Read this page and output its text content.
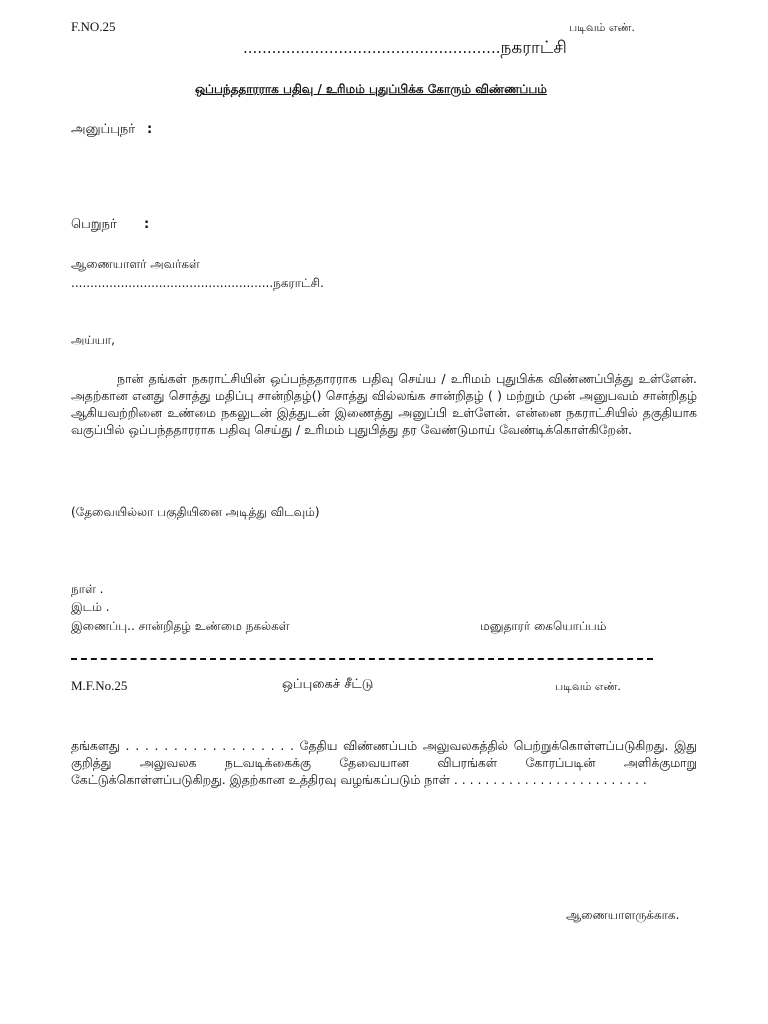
F.NO.25	படிவம் எண்.
......................................................நகராட்சி
ஒப்பந்ததாரராக பதிவு / உரிமம் புதுப்பிக்க கோரும் விண்ணப்பம்
அனுப்புநர் :
பெறுநர் :
ஆணையாளர் அவர்கள்
.....................................................நகராட்சி.
அய்யா,
நான் தங்கள் நகராட்சியின் ஒப்பந்ததாரராக பதிவு செய்ய / உரிமம் புதுபிக்க விண்ணப்பித்து உள்ளேன். அதற்கான எனது சொத்து மதிப்பு சான்றிதழ்() சொத்து வில்லங்க சான்றிதழ் ( ) மற்றும் முன் அனுபவம் சான்றிதழ் ஆகியவற்றினை உண்மை நகலுடன் இத்துடன் இணைத்து அனுப்பி உள்ளேன். என்னை நகராட்சியில் தகுதியாக வகுப்பில் ஒப்பந்ததாரராக பதிவு செய்து / உரிமம் புதுபித்து தர வேண்டுமாய் வேண்டிக்கொள்கிறேன்.
(தேவையில்லா பகுதியினை அடித்து விடவும்)
நாள் .
இடம் .
இணைப்பு.. சான்றிதழ் உண்மை நகல்கள்	மனுதாரர் கையொப்பம்
M.F.No.25	ஒப்புகைச் சீட்டு	படிவம் எண்.
தங்களது . . . . . . . . . . . . . . . . . . தேதிய விண்ணப்பம் அலுவலகத்தில் பெற்றுக்கொள்ளப்படுகிறது. இது குறித்து அலுவலக நடவடிக்கைக்கு தேவையான விபரங்கள் கோரப்படின் அளிக்குமாறு கேட்டுக்கொள்ளப்படுகிறது. இதற்கான உத்திரவு வழங்கப்படும் நாள் . . . . . . . . . . . . . . . . . . . . . . . . .
ஆணையாளருக்காக.
